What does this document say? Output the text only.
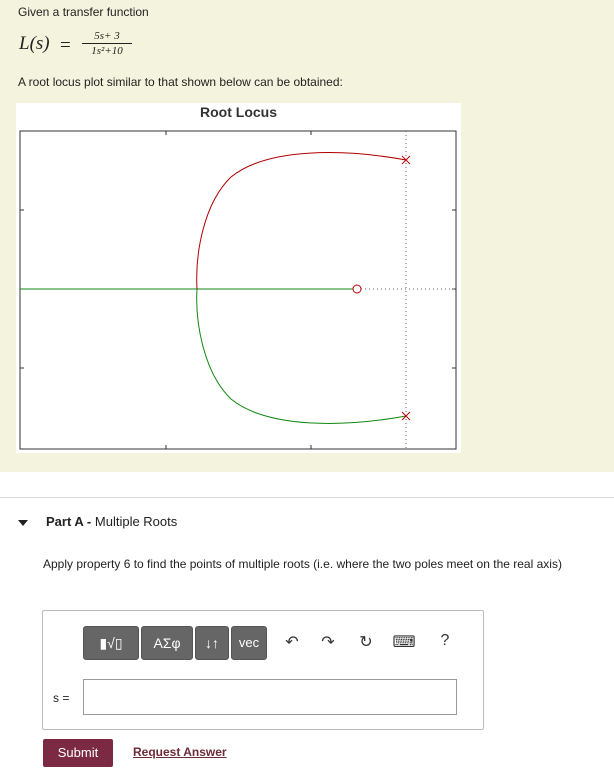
Given a transfer function
$L(s) = \frac{5s+ 3}{\text{1s²+10}}$
A root locus plot similar to that shown below can be obtained:
Root Locus
Part A - Multiple Roots
Apply property 6 to find the points of multiple roots (i.e. where the two poles meet on the real axis)
▮√▯	ΑΣφ	↓↑	vec	↶	↷	↻	⌨	?
s =
Submit	Request Answer
